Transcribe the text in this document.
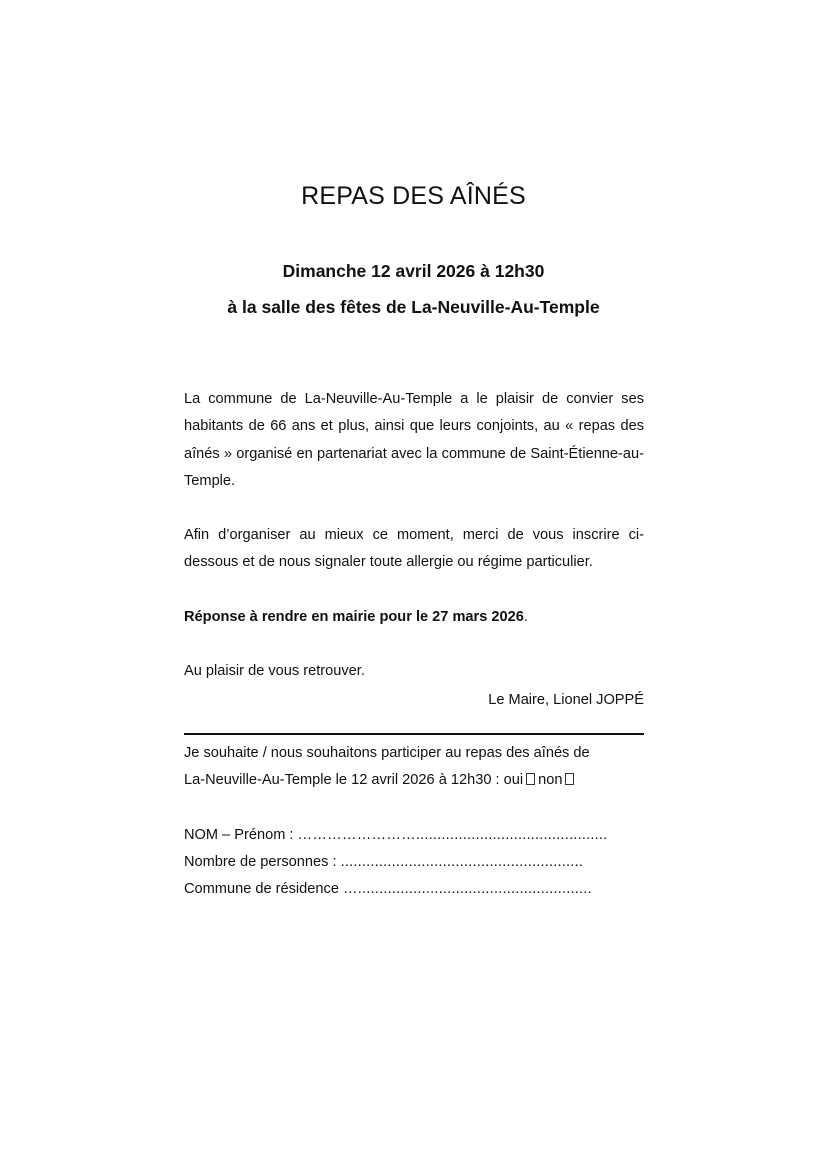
REPAS DES AÎNÉS

Dimanche 12 avril 2026 à 12h30

à la salle des fêtes de La-Neuville-Au-Temple

La commune de La-Neuville-Au-Temple a le plaisir de convier ses habitants de 66 ans et plus, ainsi que leurs conjoints, au « repas des aînés » organisé en partenariat avec la commune de Saint-Étienne-au-Temple.

Afin d’organiser au mieux ce moment, merci de vous inscrire ci-dessous et de nous signaler toute allergie ou régime particulier.

Réponse à rendre en mairie pour le 27 mars 2026.

Au plaisir de vous retrouver.

Le Maire, Lionel JOPPÉ

Je souhaite / nous souhaitons participer au repas des aînés de
La-Neuville-Au-Temple le 12 avril 2026 à 12h30 : oui non
NOM – Prénom : …………………….............................................
Nombre de personnes : .........................................................
Commune de résidence ….......................................................
